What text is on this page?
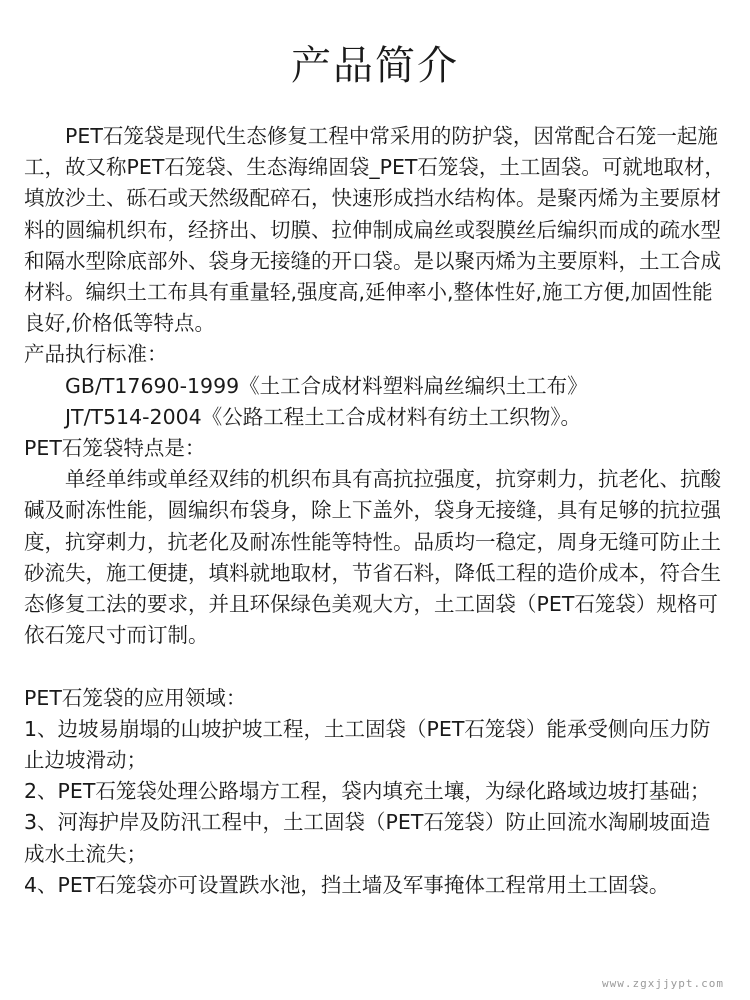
产品简介

PET石笼袋是现代生态修复工程中常采用的防护袋，因常配合石笼一起施工，故又称PET石笼袋、生态海绵固袋_PET石笼袋，土工固袋。可就地取材，填放沙土、砾石或天然级配碎石，快速形成挡水结构体。是聚丙烯为主要原材料的圆编机织布，经挤出、切膜、拉伸制成扁丝或裂膜丝后编织而成的疏水型和隔水型除底部外、袋身无接缝的开口袋。是以聚丙烯为主要原料，土工合成材料。编织土工布具有重量轻,强度高,延伸率小,整体性好,施工方便,加固性能良好,价格低等特点。

产品执行标准：

GB/T17690-1999《土工合成材料塑料扁丝编织土工布》

JT/T514-2004《公路工程土工合成材料有纺土工织物》。

PET石笼袋特点是：

单经单纬或单经双纬的机织布具有高抗拉强度，抗穿刺力，抗老化、抗酸碱及耐冻性能，圆编织布袋身，除上下盖外，袋身无接缝，具有足够的抗拉强度，抗穿刺力，抗老化及耐冻性能等特性。品质均一稳定，周身无缝可防止土砂流失，施工便捷，填料就地取材，节省石料，降低工程的造价成本，符合生态修复工法的要求，并且环保绿色美观大方，土工固袋（PET石笼袋）规格可依石笼尺寸而订制。

PET石笼袋的应用领域：

1、边坡易崩塌的山坡护坡工程，土工固袋（PET石笼袋）能承受侧向压力防止边坡滑动；

2、PET石笼袋处理公路塌方工程，袋内填充土壤，为绿化路域边坡打基础；

3、河海护岸及防汛工程中，土工固袋（PET石笼袋）防止回流水淘刷坡面造成水土流失；

4、PET石笼袋亦可设置跌水池，挡土墙及军事掩体工程常用土工固袋。

www.zgxjjypt.com
